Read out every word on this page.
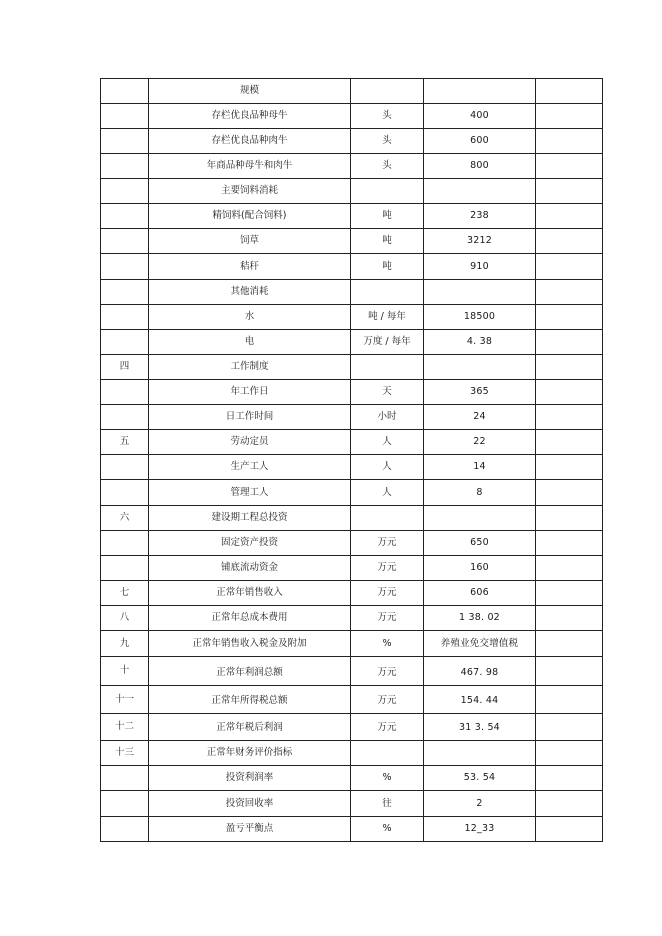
	规模			
	存栏优良品种母牛	头	400	
	存栏优良品种肉牛	头	600	
	年商品种母牛和肉牛	头	800	
	主要饲料消耗			
	精饲料(配合饲料)	吨	238	
	饲草	吨	3212	
	秸秆	吨	910	
	其他消耗			
	水	吨 / 每年	18500	
	电	万度 / 每年	4. 38	
四	工作制度			
	年工作日	天	365	
	日工作时间	小时	24	
五	劳动定员	人	22	
	生产工人	人	14	
	管理工人	人	8	
六	建设期工程总投资			
	固定资产投资	万元	650	
	铺底流动资金	万元	160	
七	正常年销售收入	万元	606	
八	正常年总成本费用	万元	1 38. 02	
九	正常年销售收入税金及附加	%	养殖业免交增值税	
十	正常年利润总额	万元	467. 98	
十一	正常年所得税总额	万元	154. 44	
十二	正常年税后利润	万元	31 3. 54	
十三	正常年财务评价指标			
	投资利润率	%	53. 54	
	投资回收率	往	2	
	盈亏平衡点	%	12_33	
